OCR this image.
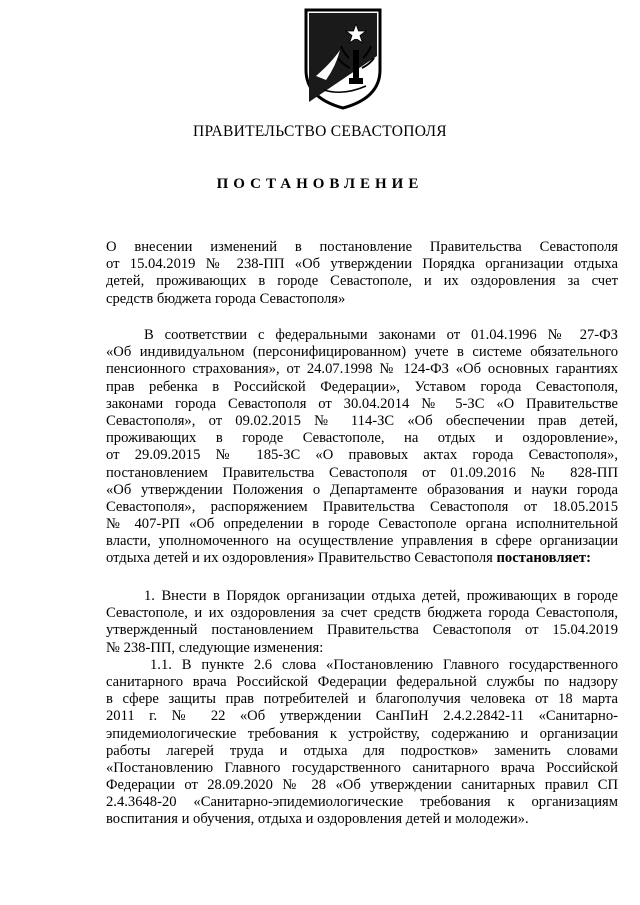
ПРАВИТЕЛЬСТВО СЕВАСТОПОЛЯ
ПОСТАНОВЛЕНИЕ
О внесении изменений в постановление Правительства Севастополя
от 15.04.2019 № 238-ПП «Об утверждении Порядка организации отдыха
детей, проживающих в городе Севастополе, и их оздоровления за счет
средств бюджета города Севастополя»
В соответствии с федеральными законами от 01.04.1996 № 27-ФЗ
«Об индивидуальном (персонифицированном) учете в системе обязательного
пенсионного страхования», от 24.07.1998 № 124-ФЗ «Об основных гарантиях
прав ребенка в Российской Федерации», Уставом города Севастополя,
законами города Севастополя от 30.04.2014 № 5-ЗС «О Правительстве
Севастополя», от 09.02.2015 № 114-ЗС «Об обеспечении прав детей,
проживающих в городе Севастополе, на отдых и оздоровление»,
от 29.09.2015 № 185-ЗС «О правовых актах города Севастополя»,
постановлением Правительства Севастополя от 01.09.2016 № 828-ПП
«Об утверждении Положения о Департаменте образования и науки города
Севастополя», распоряжением Правительства Севастополя от 18.05.2015
№ 407-РП «Об определении в городе Севастополе органа исполнительной
власти, уполномоченного на осуществление управления в сфере организации
отдыха детей и их оздоровления» Правительство Севастополя постановляет:
1. Внести в Порядок организации отдыха детей, проживающих в городе
Севастополе, и их оздоровления за счет средств бюджета города Севастополя,
утвержденный постановлением Правительства Севастополя от 15.04.2019
№ 238-ПП, следующие изменения:
1.1. В пункте 2.6 слова «Постановлению Главного государственного
санитарного врача Российской Федерации федеральной службы по надзору
в сфере защиты прав потребителей и благополучия человека от 18 марта
2011 г. № 22 «Об утверждении СанПиН 2.4.2.2842-11 «Санитарно-
эпидемиологические требования к устройству, содержанию и организации
работы лагерей труда и отдыха для подростков» заменить словами
«Постановлению Главного государственного санитарного врача Российской
Федерации от 28.09.2020 № 28 «Об утверждении санитарных правил СП
2.4.3648-20 «Санитарно-эпидемиологические требования к организациям
воспитания и обучения, отдыха и оздоровления детей и молодежи».
